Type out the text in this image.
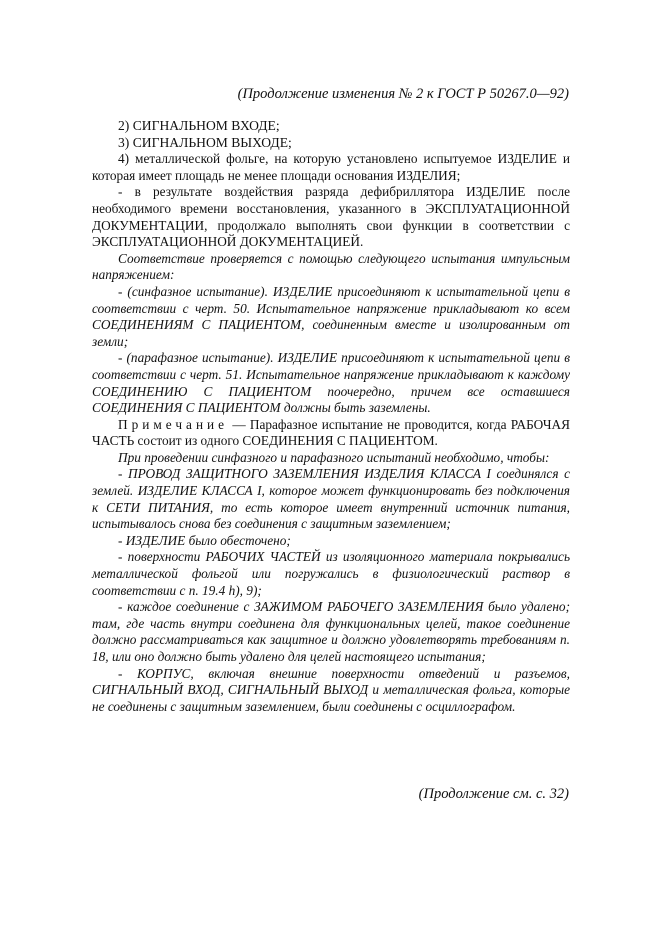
(Продолжение изменения № 2 к ГОСТ Р 50267.0—92)

2) СИГНАЛЬНОМ ВХОДЕ;

3) СИГНАЛЬНОМ ВЫХОДЕ;

4) металлической фольге, на которую установлено испытуемое ИЗДЕЛИЕ и которая имеет площадь не менее площади основания ИЗДЕЛИЯ;

- в результате воздействия разряда дефибриллятора ИЗДЕЛИЕ после необходимого времени восстановления, указанного в ЭКСПЛУАТАЦИОННОЙ ДОКУМЕНТАЦИИ, продолжало выполнять свои функции в соответствии с ЭКСПЛУАТАЦИОННОЙ ДОКУМЕНТАЦИЕЙ.

Соответствие проверяется с помощью следующего испытания импульсным напряжением:

- (синфазное испытание). ИЗДЕЛИЕ присоединяют к испытательной цепи в соответствии с черт. 50. Испытательное напряжение прикладывают ко всем СОЕДИНЕНИЯМ С ПАЦИЕНТОМ, соединенным вместе и изолированным от земли;

- (парафазное испытание). ИЗДЕЛИЕ присоединяют к испытательной цепи в соответствии с черт. 51. Испытательное напряжение прикладывают к каждому СОЕДИНЕНИЮ С ПАЦИЕНТОМ поочередно, причем все оставшиеся СОЕДИНЕНИЯ С ПАЦИЕНТОМ должны быть заземлены.

Примечание — Парафазное испытание не проводится, когда РАБОЧАЯ ЧАСТЬ состоит из одного СОЕДИНЕНИЯ С ПАЦИЕНТОМ.

При проведении синфазного и парафазного испытаний необходимо, чтобы:

- ПРОВОД ЗАЩИТНОГО ЗАЗЕМЛЕНИЯ ИЗДЕЛИЯ КЛАССА I соединялся с землей. ИЗДЕЛИЕ КЛАССА I, которое может функционировать без подключения к СЕТИ ПИТАНИЯ, то есть которое имеет внутренний источник питания, испытывалось снова без соединения с защитным заземлением;

- ИЗДЕЛИЕ было обесточено;

- поверхности РАБОЧИХ ЧАСТЕЙ из изоляционного материала покрывались металлической фольгой или погружались в физиологический раствор в соответствии с п. 19.4 h), 9);

- каждое соединение с ЗАЖИМОМ РАБОЧЕГО ЗАЗЕМЛЕНИЯ было удалено; там, где часть внутри соединена для функциональных целей, такое соединение должно рассматриваться как защитное и должно удовлетворять требованиям п. 18, или оно должно быть удалено для целей настоящего испытания;

- КОРПУС, включая внешние поверхности отведений и разъемов, СИГНАЛЬНЫЙ ВХОД, СИГНАЛЬНЫЙ ВЫХОД и металлическая фольга, которые не соединены с защитным заземлением, были соединены с осциллографом.

(Продолжение см. с. 32)
